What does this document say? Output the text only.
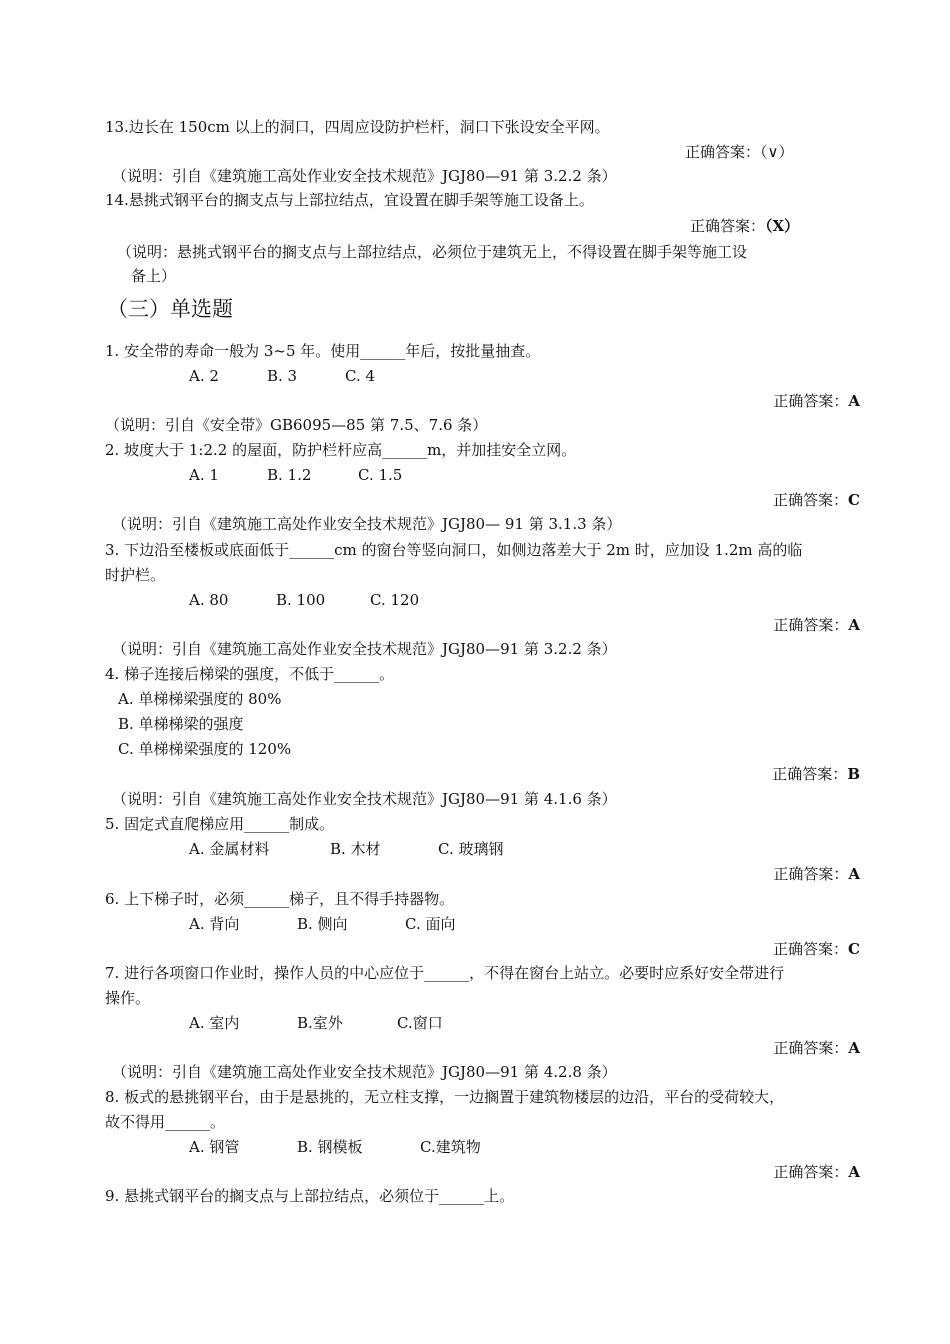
13.边长在 150cm 以上的洞口，四周应设防护栏杆，洞口下张设安全平网。
正确答案：（∨）
（说明：引自《建筑施工高处作业安全技术规范》JGJ80—91 第 3.2.2 条）
14.悬挑式钢平台的搁支点与上部拉结点，宜设置在脚手架等施工设备上。
正确答案：（X）
（说明：悬挑式钢平台的搁支点与上部拉结点，必须位于建筑无上，不得设置在脚手架等施工设
备上）
（三）单选题
1. 安全带的寿命一般为 3~5 年。使用______年后，按批量抽查。
A. 2	B. 3	C. 4
正确答案：A
（说明：引自《安全带》GB6095—85 第 7.5、7.6 条）
2. 坡度大于 1:2.2 的屋面，防护栏杆应高______m，并加挂安全立网。
A. 1	B. 1.2	C. 1.5
正确答案：C
（说明：引自《建筑施工高处作业安全技术规范》JGJ80— 91 第 3.1.3 条）
3. 下边沿至楼板或底面低于______cm 的窗台等竖向洞口，如侧边落差大于 2m 时，应加设 1.2m 高的临
时护栏。
A. 80	B. 100	C. 120
正确答案：A
（说明：引自《建筑施工高处作业安全技术规范》JGJ80—91 第 3.2.2 条）
4. 梯子连接后梯梁的强度，不低于______。
A. 单梯梯梁强度的 80%
B. 单梯梯梁的强度
C. 单梯梯梁强度的 120%
正确答案：B
（说明：引自《建筑施工高处作业安全技术规范》JGJ80—91 第 4.1.6 条）
5. 固定式直爬梯应用______制成。
A. 金属材料	B. 木材	C. 玻璃钢
正确答案：A
6. 上下梯子时，必须______梯子，且不得手持器物。
A. 背向	B. 侧向	C. 面向
正确答案：C
7. 进行各项窗口作业时，操作人员的中心应位于______，不得在窗台上站立。必要时应系好安全带进行
操作。
A. 室内	B.室外	C.窗口
正确答案：A
（说明：引自《建筑施工高处作业安全技术规范》JGJ80—91 第 4.2.8 条）
8. 板式的悬挑钢平台，由于是悬挑的，无立柱支撑，一边搁置于建筑物楼层的边沿，平台的受荷较大，
故不得用______。
A. 钢管	B. 钢模板	C.建筑物
正确答案：A
9. 悬挑式钢平台的搁支点与上部拉结点，必须位于______上。
